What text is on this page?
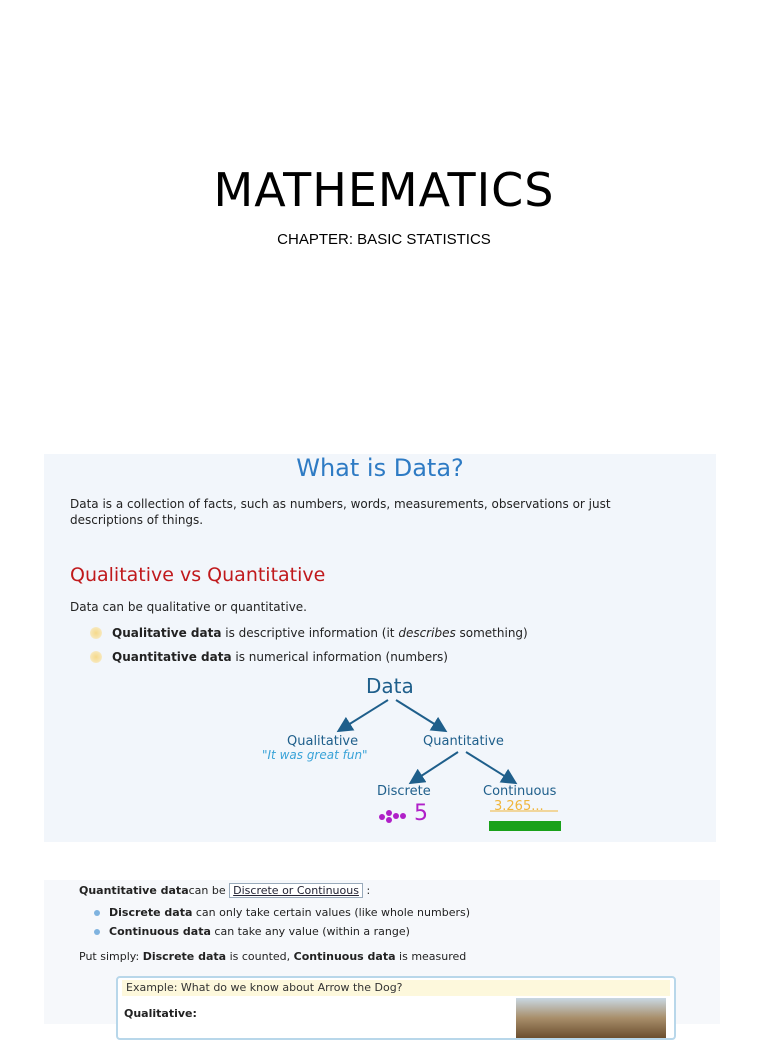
MATHEMATICS
CHAPTER: BASIC STATISTICS
What is Data?
Data is a collection of facts, such as numbers, words, measurements, observations or just descriptions of things.
Qualitative vs Quantitative
Data can be qualitative or quantitative.
Qualitative data is descriptive information (it describes something)
Quantitative data is numerical information (numbers)
Data
Qualitative
"It was great fun"
Quantitative
Discrete
5
Continuous
3.265...
Quantitative datacan be Discrete or Continuous :
Discrete data can only take certain values (like whole numbers)
Continuous data can take any value (within a range)
Put simply: Discrete data is counted, Continuous data is measured
Example: What do we know about Arrow the Dog?
Qualitative:
